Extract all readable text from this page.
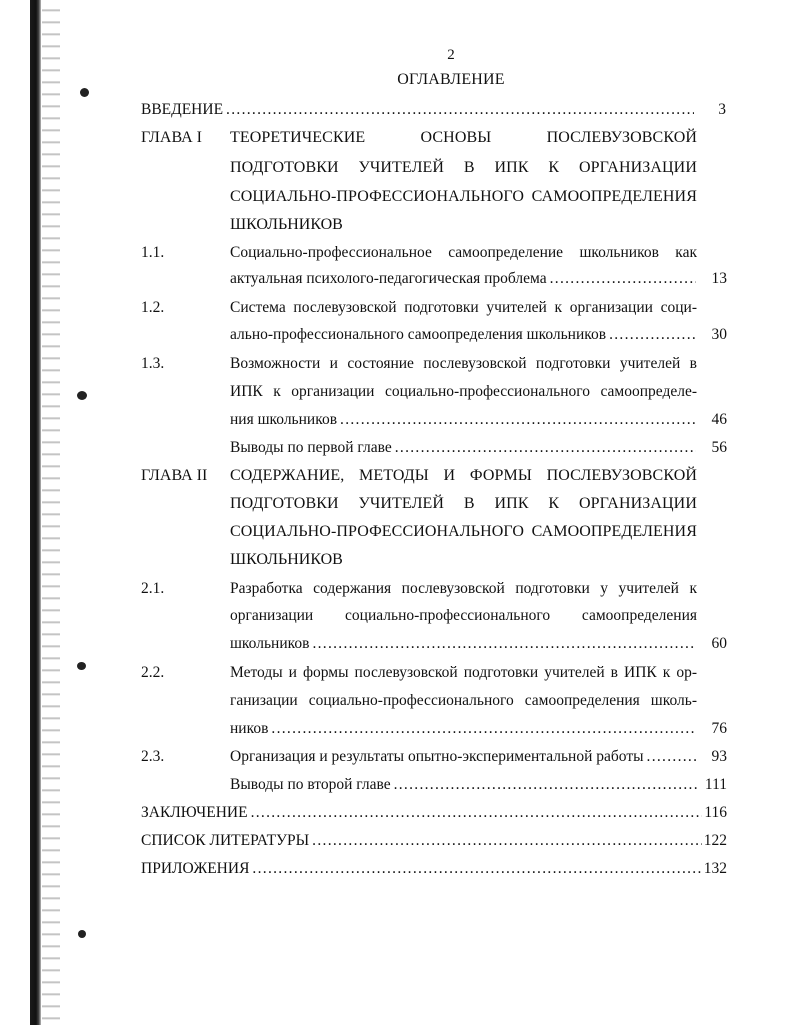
2
ОГЛАВЛЕНИЕ
ВВЕДЕНИЕ .....	3
ГЛАВА I ТЕОРЕТИЧЕСКИЕ ОСНОВЫ ПОСЛЕВУЗОВСКОЙ
ПОДГОТОВКИ УЧИТЕЛЕЙ В ИПК К ОРГАНИЗАЦИИ
СОЦИАЛЬНО-ПРОФЕССИОНАЛЬНОГО САМООПРЕДЕЛЕНИЯ
ШКОЛЬНИКОВ
1.1.	Социально-профессиональное самоопределение школьников как
актуальная психолого-педагогическая проблема .....	13
1.2.	Система послевузовской подготовки учителей к организации соци-
ально-профессионального самоопределения школьников .....	30
1.3.	Возможности и состояние послевузовской подготовки учителей в
ИПК к организации социально-профессионального самоопределе-
ния школьников .....	46
Выводы по первой главе .....	56
ГЛАВА II СОДЕРЖАНИЕ, МЕТОДЫ И ФОРМЫ ПОСЛЕВУЗОВСКОЙ
ПОДГОТОВКИ УЧИТЕЛЕЙ В ИПК К ОРГАНИЗАЦИИ
СОЦИАЛЬНО-ПРОФЕССИОНАЛЬНОГО САМООПРЕДЕЛЕНИЯ
ШКОЛЬНИКОВ
2.1.	Разработка содержания послевузовской подготовки у учителей к
организации социально-профессионального самоопределения
школьников .....	60
2.2.	Методы и формы послевузовской подготовки учителей в ИПК к ор-
ганизации социально-профессионального самоопределения школь-
ников .....	76
2.3.	Организация и результаты опытно-экспериментальной работы .....	93
Выводы по второй главе .....	111
ЗАКЛЮЧЕНИЕ .....	116
СПИСОК ЛИТЕРАТУРЫ .....	122
ПРИЛОЖЕНИЯ .....	132
